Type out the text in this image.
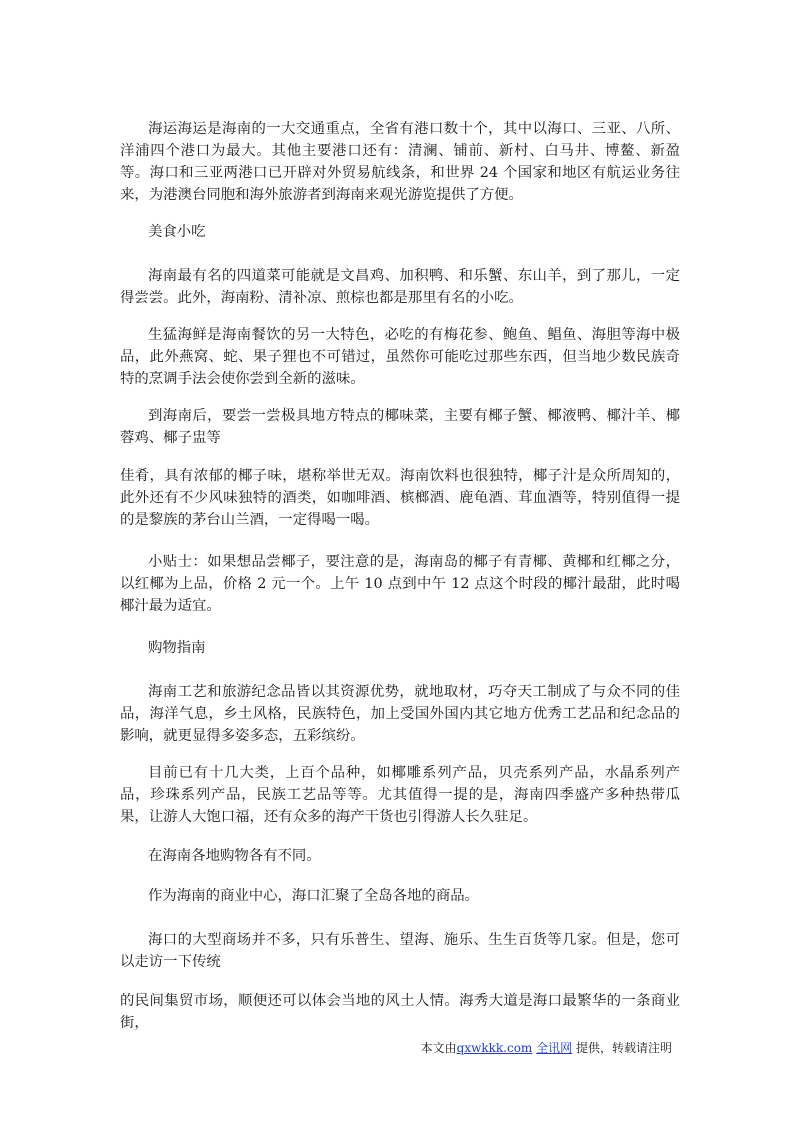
海运海运是海南的一大交通重点，全省有港口数十个，其中以海口、三亚、八所、洋浦四个港口为最大。其他主要港口还有：清澜、铺前、新村、白马井、博鳌、新盈等。海口和三亚两港口已开辟对外贸易航线条，和世界 24 个国家和地区有航运业务往来，为港澳台同胞和海外旅游者到海南来观光游览提供了方便。

美食小吃

海南最有名的四道菜可能就是文昌鸡、加积鸭、和乐蟹、东山羊，到了那儿，一定得尝尝。此外，海南粉、清补凉、煎棕也都是那里有名的小吃。

生猛海鲜是海南餐饮的另一大特色，必吃的有梅花参、鲍鱼、鲳鱼、海胆等海中极品，此外燕窝、蛇、果子狸也不可错过，虽然你可能吃过那些东西，但当地少数民族奇特的烹调手法会使你尝到全新的滋味。

到海南后，要尝一尝极具地方特点的椰味菜，主要有椰子蟹、椰液鸭、椰汁羊、椰蓉鸡、椰子盅等

佳肴，具有浓郁的椰子味，堪称举世无双。海南饮料也很独特，椰子汁是众所周知的，此外还有不少风味独特的酒类，如咖啡酒、槟榔酒、鹿龟酒、茸血酒等，特别值得一提的是黎族的茅台山兰酒，一定得喝一喝。

小贴士：如果想品尝椰子，要注意的是，海南岛的椰子有青椰、黄椰和红椰之分，以红椰为上品，价格 2 元一个。上午 10 点到中午 12 点这个时段的椰汁最甜，此时喝椰汁最为适宜。

购物指南

海南工艺和旅游纪念品皆以其资源优势，就地取材，巧夺天工制成了与众不同的佳品，海洋气息，乡土风格，民族特色，加上受国外国内其它地方优秀工艺品和纪念品的影响，就更显得多姿多态，五彩缤纷。

目前已有十几大类，上百个品种，如椰雕系列产品，贝壳系列产品，水晶系列产品，珍珠系列产品，民族工艺品等等。尤其值得一提的是，海南四季盛产多种热带瓜果，让游人大饱口福，还有众多的海产干货也引得游人长久驻足。

在海南各地购物各有不同。

作为海南的商业中心，海口汇聚了全岛各地的商品。

海口的大型商场并不多，只有乐普生、望海、施乐、生生百货等几家。但是，您可以走访一下传统

的民间集贸市场，顺便还可以体会当地的风土人情。海秀大道是海口最繁华的一条商业街，

本文由qxwkkk.com 全讯网 提供，转载请注明
